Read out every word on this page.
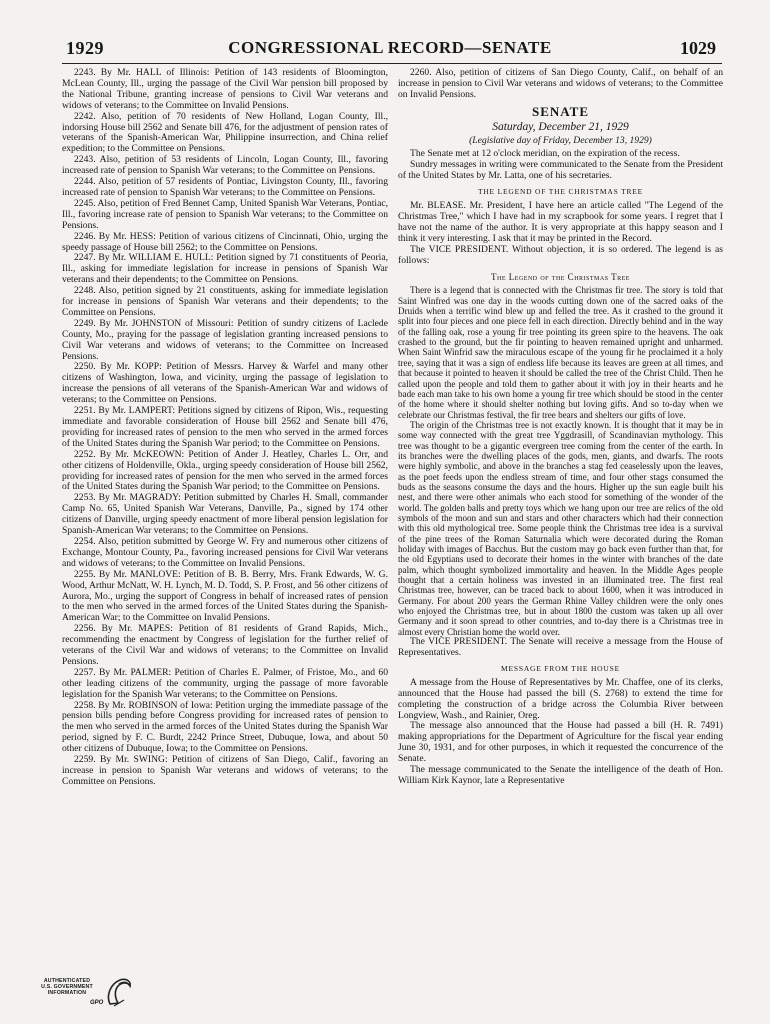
1929	CONGRESSIONAL RECORD—SENATE	1029

2243. By Mr. HALL of Illinois: Petition of 143 residents of Bloomington, McLean County, Ill., urging the passage of the Civil War pension bill proposed by the National Tribune, granting increase of pensions to Civil War veterans and widows of veterans; to the Committee on Invalid Pensions.

2242. Also, petition of 70 residents of New Holland, Logan County, Ill., indorsing House bill 2562 and Senate bill 476, for the adjustment of pension rates of veterans of the Spanish-American War, Philippine insurrection, and China relief expedition; to the Committee on Pensions.

2243. Also, petition of 53 residents of Lincoln, Logan County, Ill., favoring increased rate of pension to Spanish War veterans; to the Committee on Pensions.

2244. Also, petition of 57 residents of Pontiac, Livingston County, Ill., favoring increased rate of pension to Spanish War veterans; to the Committee on Pensions.

2245. Also, petition of Fred Bennet Camp, United Spanish War Veterans, Pontiac, Ill., favoring increase rate of pension to Spanish War veterans; to the Committee on Pensions.

2246. By Mr. HESS: Petition of various citizens of Cincinnati, Ohio, urging the speedy passage of House bill 2562; to the Committee on Pensions.

2247. By Mr. WILLIAM E. HULL: Petition signed by 71 constituents of Peoria, Ill., asking for immediate legislation for increase in pensions of Spanish War veterans and their dependents; to the Committee on Pensions.

2248. Also, petition signed by 21 constituents, asking for immediate legislation for increase in pensions of Spanish War veterans and their dependents; to the Committee on Pensions.

2249. By Mr. JOHNSTON of Missouri: Petition of sundry citizens of Laclede County, Mo., praying for the passage of legislation granting increased pensions to Civil War veterans and widows of veterans; to the Committee on Increased Pensions.

2250. By Mr. KOPP: Petition of Messrs. Harvey & Warfel and many other citizens of Washington, Iowa, and vicinity, urging the passage of legislation to increase the pensions of all veterans of the Spanish-American War and widows of veterans; to the Committee on Pensions.

2251. By Mr. LAMPERT: Petitions signed by citizens of Ripon, Wis., requesting immediate and favorable consideration of House bill 2562 and Senate bill 476, providing for increased rates of pension to the men who served in the armed forces of the United States during the Spanish War period; to the Committee on Pensions.

2252. By Mr. McKEOWN: Petition of Ander J. Heatley, Charles L. Orr, and other citizens of Holdenville, Okla., urging speedy consideration of House bill 2562, providing for increased rates of pension for the men who served in the armed forces of the United States during the Spanish War period; to the Committee on Pensions.

2253. By Mr. MAGRADY: Petition submitted by Charles H. Small, commander Camp No. 65, United Spanish War Veterans, Danville, Pa., signed by 174 other citizens of Danville, urging speedy enactment of more liberal pension legislation for Spanish-American War veterans; to the Committee on Pensions.

2254. Also, petition submitted by George W. Fry and numerous other citizens of Exchange, Montour County, Pa., favoring increased pensions for Civil War veterans and widows of veterans; to the Committee on Invalid Pensions.

2255. By Mr. MANLOVE: Petition of B. B. Berry, Mrs. Frank Edwards, W. G. Wood, Arthur McNatt, W. H. Lynch, M. D. Todd, S. P. Frost, and 56 other citizens of Aurora, Mo., urging the support of Congress in behalf of increased rates of pension to the men who served in the armed forces of the United States during the Spanish-American War; to the Committee on Invalid Pensions.

2256. By Mr. MAPES: Petition of 81 residents of Grand Rapids, Mich., recommending the enactment by Congress of legislation for the further relief of veterans of the Civil War and widows of veterans; to the Committee on Invalid Pensions.

2257. By Mr. PALMER: Petition of Charles E. Palmer, of Fristoe, Mo., and 60 other leading citizens of the community, urging the passage of more favorable legislation for the Spanish War veterans; to the Committee on Pensions.

2258. By Mr. ROBINSON of Iowa: Petition urging the immediate passage of the pension bills pending before Congress providing for increased rates of pension to the men who served in the armed forces of the United States during the Spanish War period, signed by F. C. Burdt, 2242 Prince Street, Dubuque, Iowa, and about 50 other citizens of Dubuque, Iowa; to the Committee on Pensions.

2259. By Mr. SWING: Petition of citizens of San Diego, Calif., favoring an increase in pension to Spanish War veterans and widows of veterans; to the Committee on Pensions.

2260. Also, petition of citizens of San Diego County, Calif., on behalf of an increase in pension to Civil War veterans and widows of veterans; to the Committee on Invalid Pensions.

SENATE
Saturday, December 21, 1929
(Legislative day of Friday, December 13, 1929)

The Senate met at 12 o'clock meridian, on the expiration of the recess.

Sundry messages in writing were communicated to the Senate from the President of the United States by Mr. Latta, one of his secretaries.

THE LEGEND OF THE CHRISTMAS TREE

Mr. BLEASE. Mr. President, I have here an article called "The Legend of the Christmas Tree," which I have had in my scrapbook for some years. I regret that I have not the name of the author. It is very appropriate at this happy season and I think it very interesting. I ask that it may be printed in the Record.

The VICE PRESIDENT. Without objection, it is so ordered. The legend is as follows:

The Legend of the Christmas Tree

There is a legend that is connected with the Christmas fir tree. The story is told that Saint Winfred was one day in the woods cutting down one of the sacred oaks of the Druids when a terrific wind blew up and felled the tree. As it crashed to the ground it split into four pieces and one piece fell in each direction. Directly behind and in the way of the falling oak, rose a young fir tree pointing its green spire to the heavens. The oak crashed to the ground, but the fir pointing to heaven remained upright and unharmed. When Saint Winfrid saw the miraculous escape of the young fir he proclaimed it a holy tree, saying that it was a sign of endless life because its leaves are green at all times, and that because it pointed to heaven it should be called the tree of the Christ Child. Then he called upon the people and told them to gather about it with joy in their hearts and he bade each man take to his own home a young fir tree which should be stood in the center of the home where it should shelter nothing but loving gifts. And so to-day when we celebrate our Christmas festival, the fir tree bears and shelters our gifts of love.

The origin of the Christmas tree is not exactly known. It is thought that it may be in some way connected with the great tree Yggdrasill, of Scandinavian mythology. This tree was thought to be a gigantic evergreen tree coming from the center of the earth. In its branches were the dwelling places of the gods, men, giants, and dwarfs. The roots were highly symbolic, and above in the branches a stag fed ceaselessly upon the leaves, as the poet feeds upon the endless stream of time, and four other stags consumed the buds as the seasons consume the days and the hours. Higher up the sun eagle built his nest, and there were other animals who each stood for something of the wonder of the world. The golden balls and pretty toys which we hang upon our tree are relics of the old symbols of the moon and sun and stars and other characters which had their connection with this old mythological tree. Some people think the Christmas tree idea is a survival of the pine trees of the Roman Saturnalia which were decorated during the Roman holiday with images of Bacchus. But the custom may go back even further than that, for the old Egyptians used to decorate their homes in the winter with branches of the date palm, which thought symbolized immortality and heaven. In the Middle Ages people thought that a certain holiness was invested in an illuminated tree. The first real Christmas tree, however, can be traced back to about 1600, when it was introduced in Germany. For about 200 years the German Rhine Valley children were the only ones who enjoyed the Christmas tree, but in about 1800 the custom was taken up all over Germany and it soon spread to other countries, and to-day there is a Christmas tree in almost every Christian home the world over.

The VICE PRESIDENT. The Senate will receive a message from the House of Representatives.

MESSAGE FROM THE HOUSE

A message from the House of Representatives by Mr. Chaffee, one of its clerks, announced that the House had passed the bill (S. 2768) to extend the time for completing the construction of a bridge across the Columbia River between Longview, Wash., and Rainier, Oreg.

The message also announced that the House had passed a bill (H. R. 7491) making appropriations for the Department of Agriculture for the fiscal year ending June 30, 1931, and for other purposes, in which it requested the concurrence of the Senate.

The message communicated to the Senate the intelligence of the death of Hon. William Kirk Kaynor, late a Representative

AUTHENTICATED
U.S. GOVERNMENT
INFORMATION
GPO
